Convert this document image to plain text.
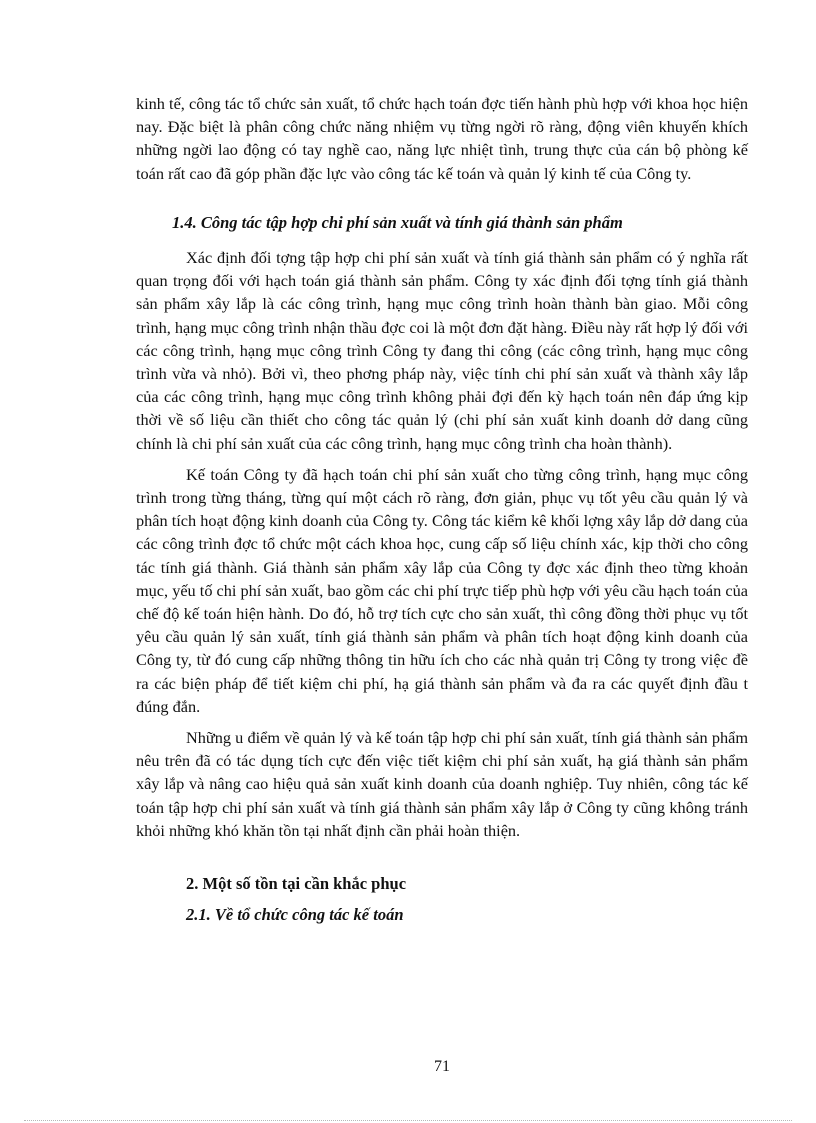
kinh tế, công tác tổ chức sản xuất, tổ chức hạch toán đợc tiến hành phù hợp với khoa học hiện nay. Đặc biệt là phân công chức năng nhiệm vụ từng ngời rõ ràng, động viên khuyến khích những ngời lao động có tay nghề cao, năng lực nhiệt tình, trung thực của cán bộ phòng kế toán rất cao đã góp phần đặc lực vào công tác kế toán và quản lý kinh tế của Công ty.

1.4. Công tác tập hợp chi phí sản xuất và tính giá thành sản phẩm

Xác định đối tợng tập hợp chi phí sản xuất và tính giá thành sản phẩm có ý nghĩa rất quan trọng đối với hạch toán giá thành sản phẩm. Công ty xác định đối tợng tính giá thành sản phẩm xây lắp là các công trình, hạng mục công trình hoàn thành bàn giao. Mỗi công trình, hạng mục công trình nhận thầu đợc coi là một đơn đặt hàng. Điều này rất hợp lý đối với các công trình, hạng mục công trình Công ty đang thi công (các công trình, hạng mục công trình vừa và nhỏ). Bởi vì, theo phơng pháp này, việc tính chi phí sản xuất và thành xây lắp của các công trình, hạng mục công trình không phải đợi đến kỳ hạch toán nên đáp ứng kịp thời về số liệu cần thiết cho công tác quản lý (chi phí sản xuất kinh doanh dở dang cũng chính là chi phí sản xuất của các công trình, hạng mục công trình cha hoàn thành).

Kế toán Công ty đã hạch toán chi phí sản xuất cho từng công trình, hạng mục công trình trong từng tháng, từng quí một cách rõ ràng, đơn giản, phục vụ tốt yêu cầu quản lý và phân tích hoạt động kinh doanh của Công ty. Công tác kiểm kê khối lợng xây lắp dở dang của các công trình đợc tổ chức một cách khoa học, cung cấp số liệu chính xác, kịp thời cho công tác tính giá thành. Giá thành sản phẩm xây lắp của Công ty đợc xác định theo từng khoản mục, yếu tố chi phí sản xuất, bao gồm các chi phí trực tiếp phù hợp với yêu cầu hạch toán của chế độ kế toán hiện hành. Do đó, hỗ trợ tích cực cho sản xuất, thì công đồng thời phục vụ tốt yêu cầu quản lý sản xuất, tính giá thành sản phẩm và phân tích hoạt động kinh doanh của Công ty, từ đó cung cấp những thông tin hữu ích cho các nhà quản trị Công ty trong việc đề ra các biện pháp để tiết kiệm chi phí, hạ giá thành sản phẩm và đa ra các quyết định đầu t đúng đắn.

Những u điểm về quản lý và kế toán tập hợp chi phí sản xuất, tính giá thành sản phẩm nêu trên đã có tác dụng tích cực đến việc tiết kiệm chi phí sản xuất, hạ giá thành sản phẩm xây lắp và nâng cao hiệu quả sản xuất kinh doanh của doanh nghiệp. Tuy nhiên, công tác kế toán tập hợp chi phí sản xuất và tính giá thành sản phẩm xây lắp ở Công ty cũng không tránh khỏi những khó khăn tồn tại nhất định cần phải hoàn thiện.

2. Một số tồn tại cần khắc phục
2.1. Về tổ chức công tác kế toán
71
